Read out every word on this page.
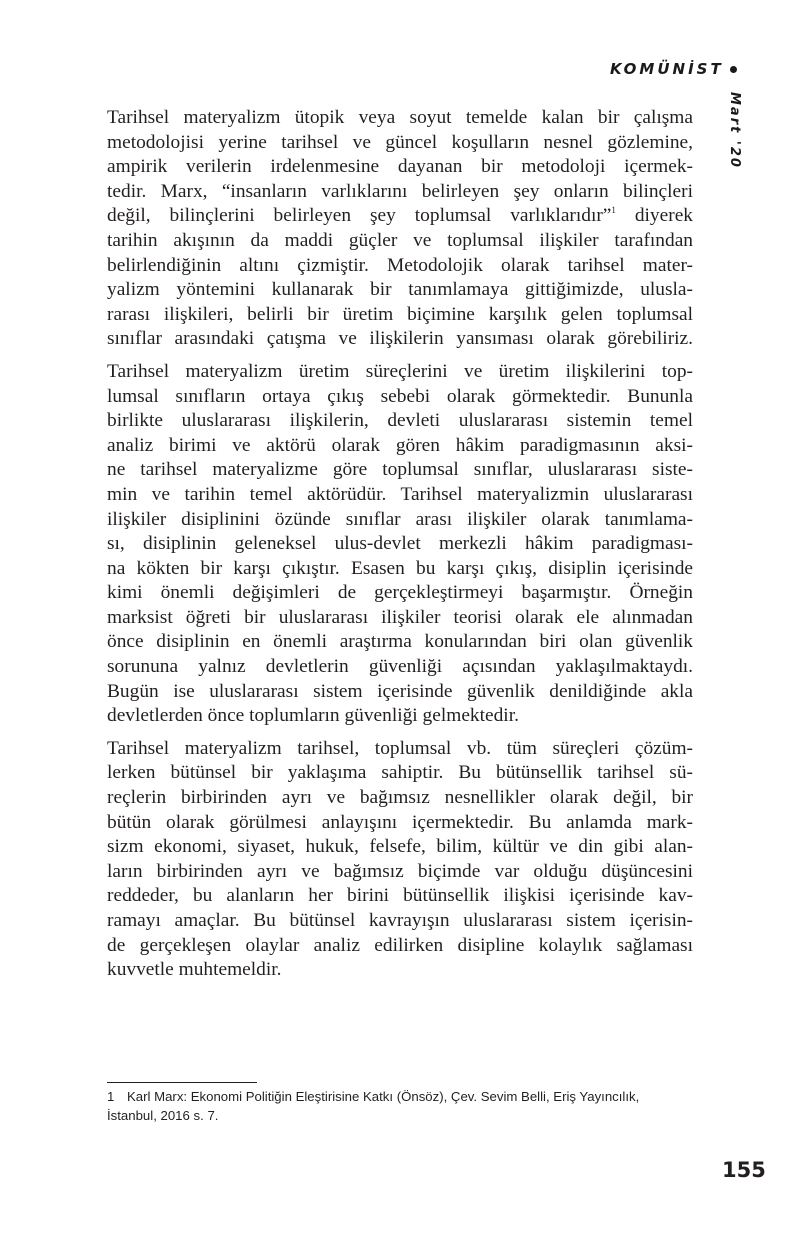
KOMÜNİST
Mart '20
Tarihsel materyalizm ütopik veya soyut temelde kalan bir çalışma
metodolojisi yerine tarihsel ve güncel koşulların nesnel gözlemine,
ampirik verilerin irdelenmesine dayanan bir metodoloji içermek-
tedir. Marx, “insanların varlıklarını belirleyen şey onların bilinçleri
değil, bilinçlerini belirleyen şey toplumsal varlıklarıdır”$^1$ diyerek
tarihin akışının da maddi güçler ve toplumsal ilişkiler tarafından
belirlendiğinin altını çizmiştir. Metodolojik olarak tarihsel mater-
yalizm yöntemini kullanarak bir tanımlamaya gittiğimizde, ulusla-
rarası ilişkileri, belirli bir üretim biçimine karşılık gelen toplumsal
sınıflar arasındaki çatışma ve ilişkilerin yansıması olarak görebiliriz.
Tarihsel materyalizm üretim süreçlerini ve üretim ilişkilerini top-
lumsal sınıfların ortaya çıkış sebebi olarak görmektedir. Bununla
birlikte uluslararası ilişkilerin, devleti uluslararası sistemin temel
analiz birimi ve aktörü olarak gören hâkim paradigmasının aksi-
ne tarihsel materyalizme göre toplumsal sınıflar, uluslararası siste-
min ve tarihin temel aktörüdür. Tarihsel materyalizmin uluslararası
ilişkiler disiplinini özünde sınıflar arası ilişkiler olarak tanımlama-
sı, disiplinin geleneksel ulus-devlet merkezli hâkim paradigması-
na kökten bir karşı çıkıştır. Esasen bu karşı çıkış, disiplin içerisinde
kimi önemli değişimleri de gerçekleştirmeyi başarmıştır. Örneğin
marksist öğreti bir uluslararası ilişkiler teorisi olarak ele alınmadan
önce disiplinin en önemli araştırma konularından biri olan güvenlik
sorununa yalnız devletlerin güvenliği açısından yaklaşılmaktaydı.
Bugün ise uluslararası sistem içerisinde güvenlik denildiğinde akla
devletlerden önce toplumların güvenliği gelmektedir.
Tarihsel materyalizm tarihsel, toplumsal vb. tüm süreçleri çözüm-
lerken bütünsel bir yaklaşıma sahiptir. Bu bütünsellik tarihsel sü-
reçlerin birbirinden ayrı ve bağımsız nesnellikler olarak değil, bir
bütün olarak görülmesi anlayışını içermektedir. Bu anlamda mark-
sizm ekonomi, siyaset, hukuk, felsefe, bilim, kültür ve din gibi alan-
ların birbirinden ayrı ve bağımsız biçimde var olduğu düşüncesini
reddeder, bu alanların her birini bütünsellik ilişkisi içerisinde kav-
ramayı amaçlar. Bu bütünsel kavrayışın uluslararası sistem içerisin-
de gerçekleşen olaylar analiz edilirken disipline kolaylık sağlaması
kuvvetle muhtemeldir.
1 Karl Marx: Ekonomi Politiğin Eleştirisine Katkı (Önsöz), Çev. Sevim Belli, Eriş Yayıncılık,
İstanbul, 2016 s. 7.
155
